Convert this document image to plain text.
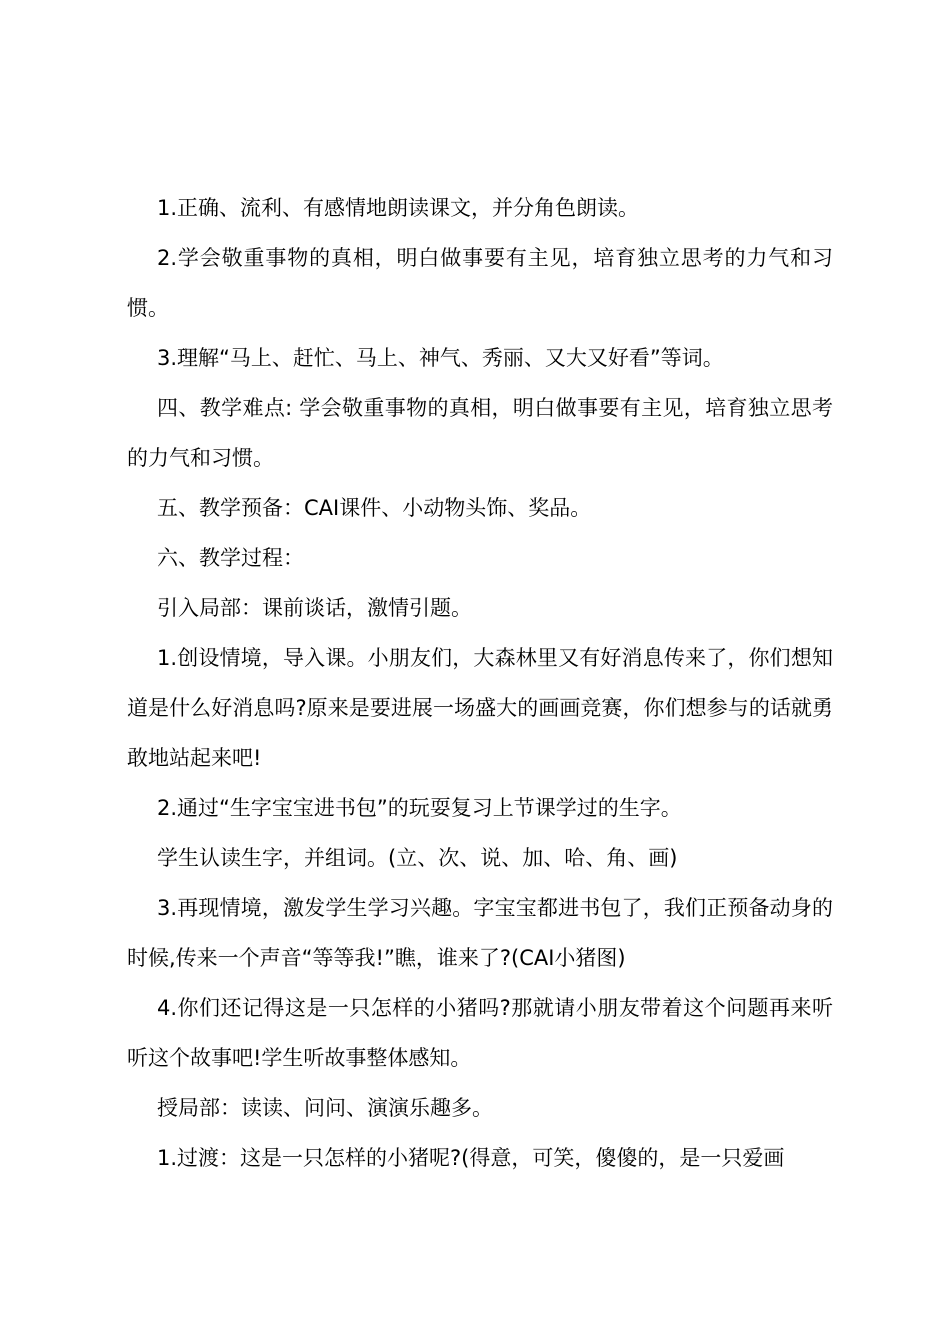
1.正确、流利、有感情地朗读课文，并分角色朗读。

2.学会敬重事物的真相，明白做事要有主见，培育独立思考的力气和习惯。

3.理解“马上、赶忙、马上、神气、秀丽、又大又好看”等词。

四、教学难点: 学会敬重事物的真相，明白做事要有主见，培育独立思考的力气和习惯。

五、教学预备：CAI课件、小动物头饰、奖品。

六、教学过程：

引入局部：课前谈话，激情引题。

1.创设情境，导入课。小朋友们，大森林里又有好消息传来了，你们想知道是什么好消息吗?原来是要进展一场盛大的画画竞赛，你们想参与的话就勇敢地站起来吧!

2.通过“生字宝宝进书包”的玩耍复习上节课学过的生字。

学生认读生字，并组词。(立、次、说、加、哈、角、画)

3.再现情境，激发学生学习兴趣。字宝宝都进书包了，我们正预备动身的时候,传来一个声音“等等我!”瞧，谁来了?(CAI小猪图)

4.你们还记得这是一只怎样的小猪吗?那就请小朋友带着这个问题再来听听这个故事吧!学生听故事整体感知。

授局部：读读、问问、演演乐趣多。

1.过渡：这是一只怎样的小猪呢?(得意，可笑，傻傻的，是一只爱画
